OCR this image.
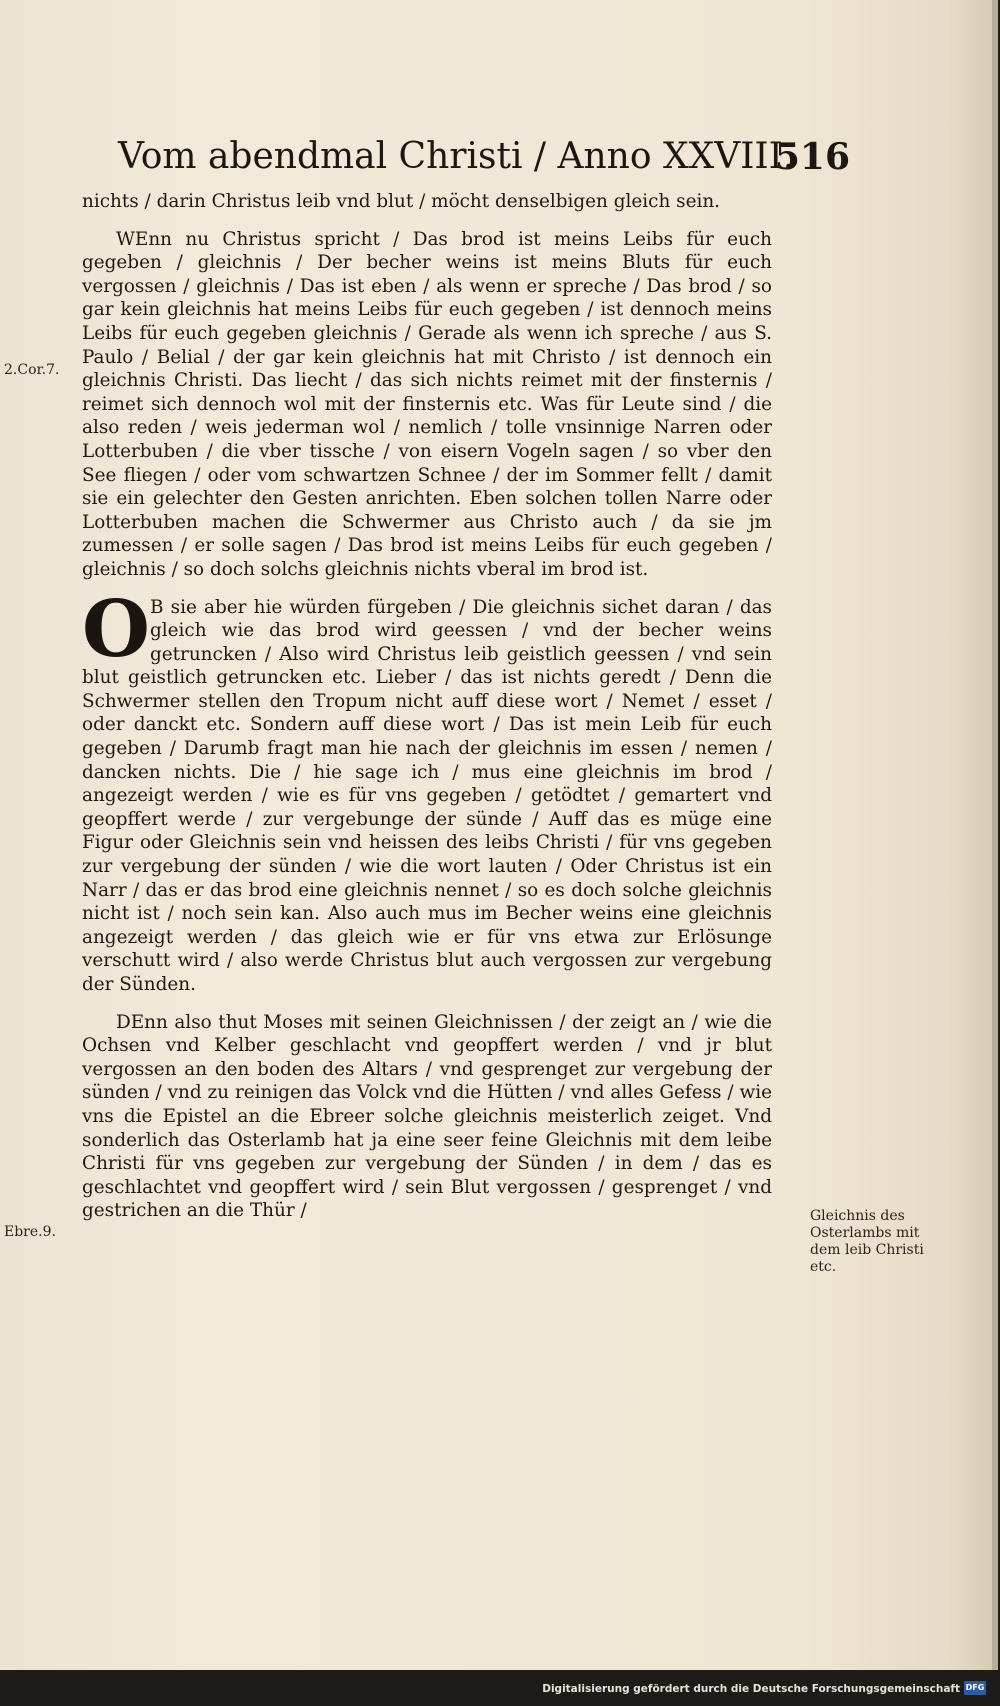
Vom abendmal Christi / Anno XXVIII.
516

nichts / darin Christus leib vnd blut / möcht denselbigen gleich sein.

WEnn nu Christus spricht / Das brod ist meins Leibs für euch gegeben / gleichnis / Der becher weins ist meins Bluts für euch vergossen / gleichnis / Das ist eben / als wenn er spreche / Das brod / so gar kein gleichnis hat meins Leibs für euch gegeben / ist dennoch meins Leibs für euch gegeben gleichnis / Gerade als wenn ich spreche / aus S. Paulo / Belial / der gar kein gleichnis hat mit Christo / ist dennoch ein gleichnis Christi. Das liecht / das sich nichts reimet mit der finsternis / reimet sich dennoch wol mit der finsternis etc. Was für Leute sind / die also reden / weis jederman wol / nemlich / tolle vnsinnige Narren oder Lotterbuben / die vber tissche / von eisern Vogeln sagen / so vber den See fliegen / oder vom schwartzen Schnee / der im Sommer fellt / damit sie ein gelechter den Gesten anrichten. Eben solchen tollen Narre oder Lotterbuben machen die Schwermer aus Christo auch / da sie jm zumessen / er solle sagen / Das brod ist meins Leibs für euch gegeben / gleichnis / so doch solchs gleichnis nichts vberal im brod ist.

O B sie aber hie würden fürgeben / Die gleichnis sichet daran / das gleich wie das brod wird geessen / vnd der becher weins getruncken / Also wird Christus leib geistlich geessen / vnd sein blut geistlich getruncken etc. Lieber / das ist nichts geredt / Denn die Schwermer stellen den Tropum nicht auff diese wort / Nemet / esset / oder danckt etc. Sondern auff diese wort / Das ist mein Leib für euch gegeben / Darumb fragt man hie nach der gleichnis im essen / nemen / dancken nichts. Die / hie sage ich / mus eine gleichnis im brod / angezeigt werden / wie es für vns gegeben / getödtet / gemartert vnd geopffert werde / zur vergebunge der sünde / Auff das es müge eine Figur oder Gleichnis sein vnd heissen des leibs Christi / für vns gegeben zur vergebung der sünden / wie die wort lauten / Oder Christus ist ein Narr / das er das brod eine gleichnis nennet / so es doch solche gleichnis nicht ist / noch sein kan. Also auch mus im Becher weins eine gleichnis angezeigt werden / das gleich wie er für vns etwa zur Erlösunge verschutt wird / also werde Christus blut auch vergossen zur vergebung der Sünden.

DEnn also thut Moses mit seinen Gleichnissen / der zeigt an / wie die Ochsen vnd Kelber geschlacht vnd geopffert werden / vnd jr blut vergossen an den boden des Altars / vnd gesprenget zur vergebung der sünden / vnd zu reinigen das Volck vnd die Hütten / vnd alles Gefess / wie vns die Epistel an die Ebreer solche gleichnis meisterlich zeiget. Vnd sonderlich das Osterlamb hat ja eine seer feine Gleichnis mit dem leibe Christi für vns gegeben zur vergebung der Sünden / in dem / das es geschlachtet vnd geopffert wird / sein Blut vergossen / gesprenget / vnd gestrichen an die Thür /

2.Cor.7.
Ebre.9.
Gleichnis des
Osterlambs mit
dem leib Christi
etc.
Digitalisierung gefördert durch die Deutsche Forschungsgemeinschaft DFG
